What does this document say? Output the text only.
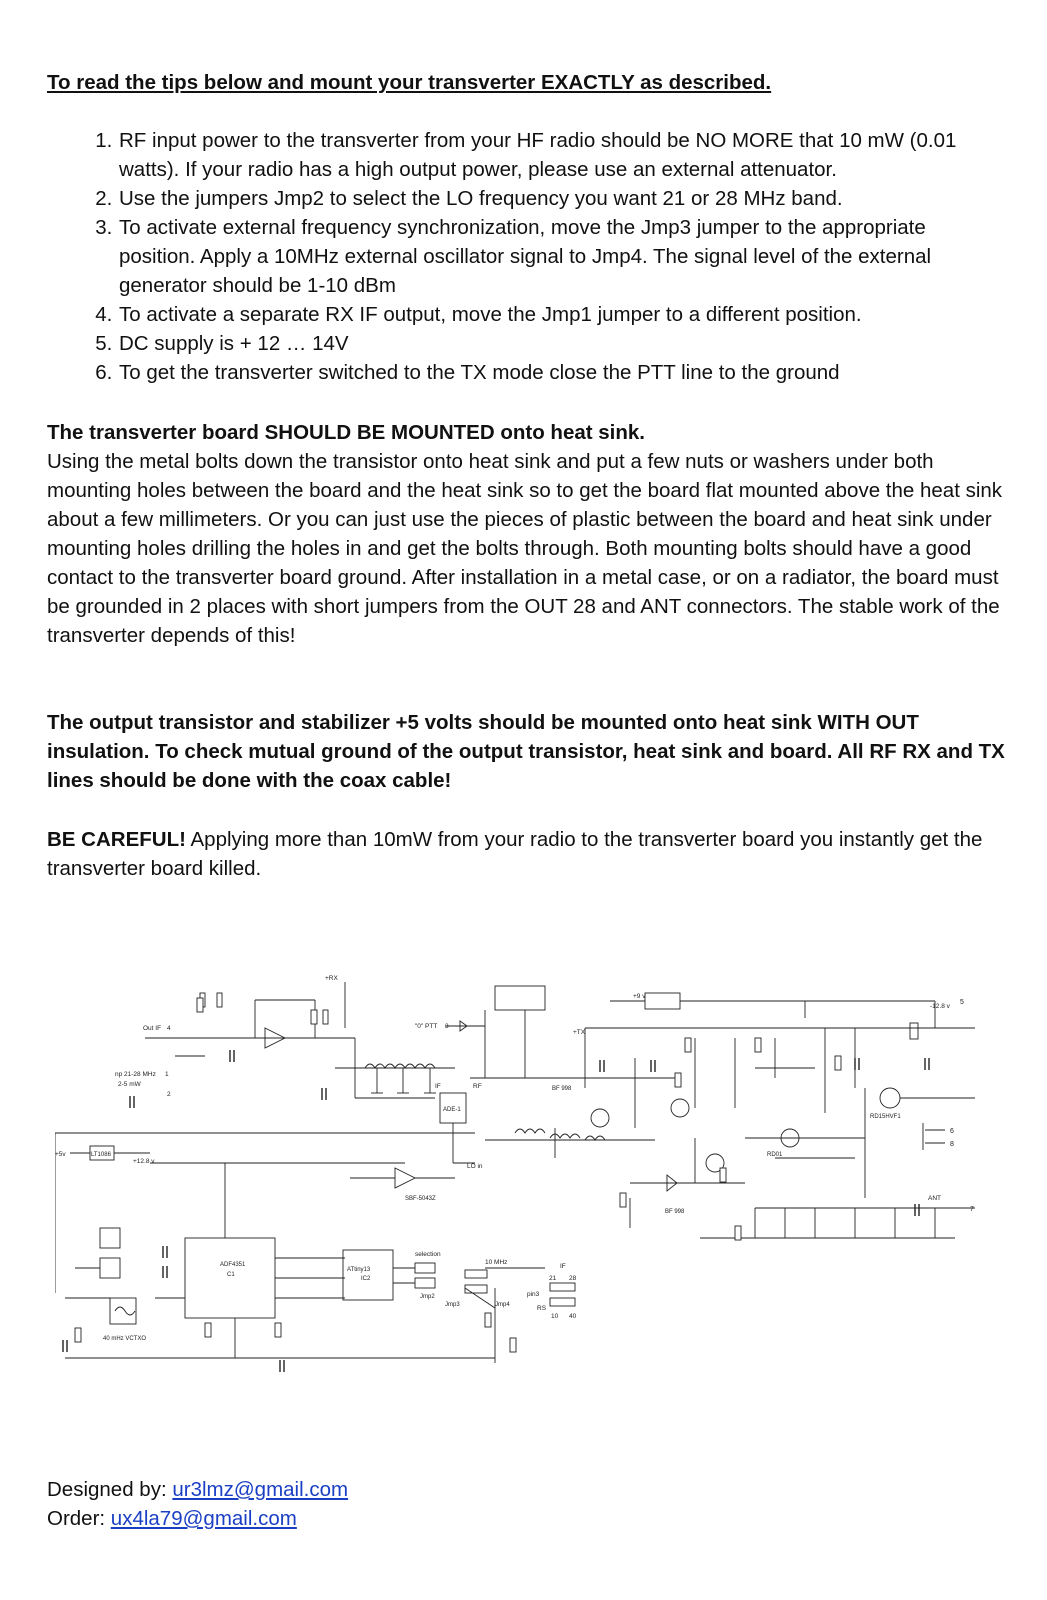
To read the tips below and mount your transverter EXACTLY as described.

1. RF input power to the transverter from your HF radio should be NO MORE that 10 mW (0.01 watts). If your radio has a high output power, please use an external attenuator.
2. Use the jumpers Jmp2 to select the LO frequency you want 21 or 28 MHz band.
3. To activate external frequency synchronization, move the Jmp3 jumper to the appropriate position. Apply a 10MHz external oscillator signal to Jmp4. The signal level of the external generator should be 1-10 dBm
4. To activate a separate RX IF output, move the Jmp1 jumper to a different position.
5. DC supply is + 12 … 14V
6. To get the transverter switched to the TX mode close the PTT line to the ground

The transverter board SHOULD BE MOUNTED onto heat sink.

Using the metal bolts down the transistor onto heat sink and put a few nuts or washers under both mounting holes between the board and the heat sink so to get the board flat mounted above the heat sink about a few millimeters. Or you can just use the pieces of plastic between the board and heat sink under mounting holes drilling the holes in and get the bolts through. Both mounting bolts should have a good contact to the transverter board ground. After installation in a metal case, or on a radiator, the board must be grounded in 2 places with short jumpers from the OUT 28 and ANT connectors. The stable work of the transverter depends of this!

The output transistor and stabilizer +5 volts should be mounted onto heat sink WITH OUT insulation. To check mutual ground of the output transistor, heat sink and board. All RF RX and TX lines should be done with the coax cable!

BE CAREFUL! Applying more than 10mW from your radio to the transverter board you instantly get the transverter board killed.

Out IF 4
np 21-28 MHz
2-5 mW
1
2
+RX
"0" PTT 3
+9 v
-12.8 v
5
6
8
7
ANT
+TX
LO in
IF	RF
ADE-1
SBF-5043Z
BF 998
BF 998
RD15HVF1
RD01
ADF4351
C1
ATtiny13
IC2
40 mHz VCTXO
+5v
selection
10 MHz
pin3
RS
IF
21 28
10 40
Jmp2
Jmp3	Jmp4
+12.8 v
LT1086
Designed by: ur3lmz@gmail.com
Order: ux4la79@gmail.com
